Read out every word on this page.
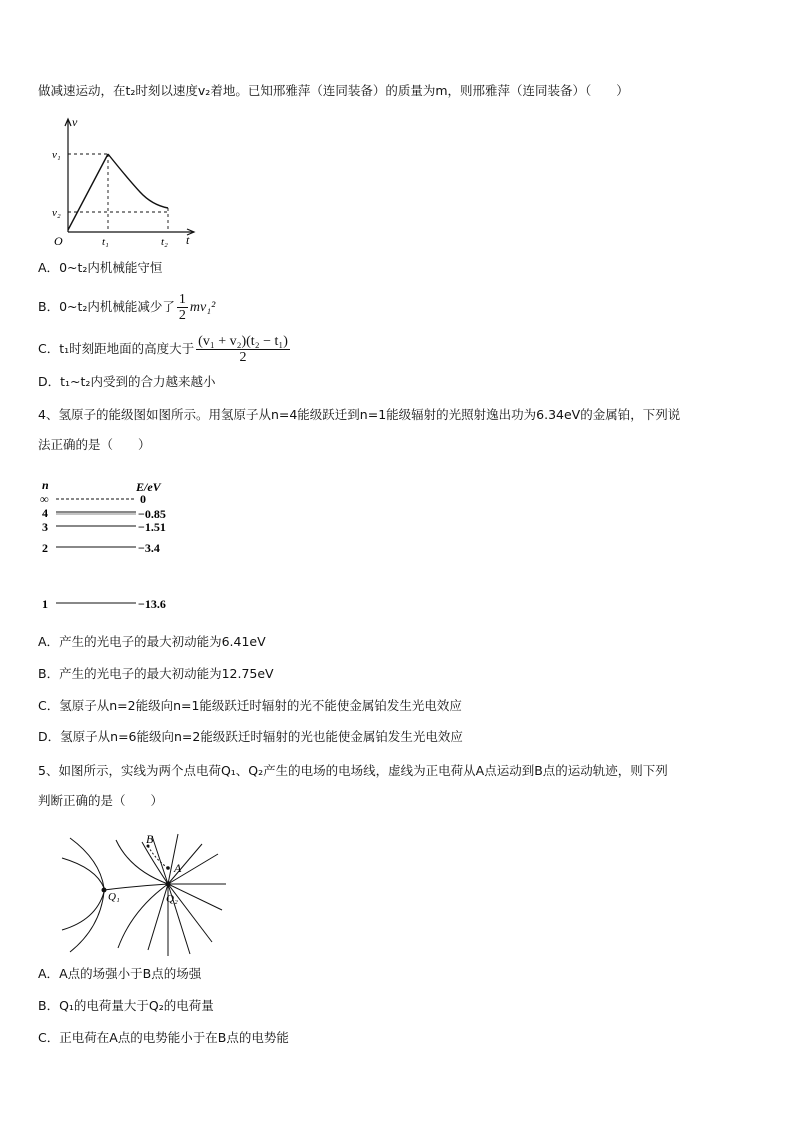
做减速运动，在t₂时刻以速度v₂着地。已知邢雅萍（连同装备）的质量为m，则邢雅萍（连同装备）（　　）
v
t
O
v₁
v₂
t₁	t₂
A．0~t₂内机械能守恒
B．0~t₂内机械能减少了 $\frac{1}{2} mv_1^2$
C．t₁时刻距地面的高度大于 $\frac{\text{(v₁ + v₂)(t₂ − t₁)}}{2}$
D．t₁~t₂内受到的合力越来越小
4、氢原子的能级图如图所示。用氢原子从n=4能级跃迁到n=1能级辐射的光照射逸出功为6.34eV的金属铂，下列说
法正确的是（　　）
n	E/eV
∞	0
4	−0.85
3	−1.51
2	−3.4
1	−13.6
A．产生的光电子的最大初动能为6.41eV
B．产生的光电子的最大初动能为12.75eV
C．氢原子从n=2能级向n=1能级跃迁时辐射的光不能使金属铂发生光电效应
D．氢原子从n=6能级向n=2能级跃迁时辐射的光也能使金属铂发生光电效应
5、如图所示，实线为两个点电荷Q₁、Q₂产生的电场的电场线，虚线为正电荷从A点运动到B点的运动轨迹，则下列
判断正确的是（　　）
B
A
Q₁	Q₂
A．A点的场强小于B点的场强
B．Q₁的电荷量大于Q₂的电荷量
C．正电荷在A点的电势能小于在B点的电势能
